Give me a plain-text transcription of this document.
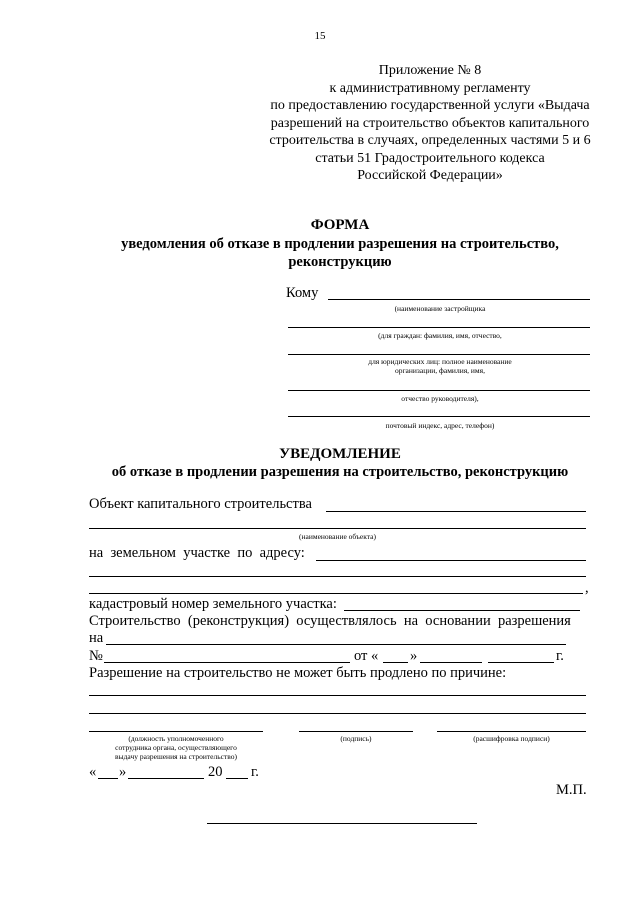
15
Приложение № 8
к административному регламенту
по предоставлению государственной услуги «Выдача
разрешений на строительство объектов капитального
строительства в случаях, определенных частями 5 и 6
статьи 51 Градостроительного кодекса
Российской Федерации»
ФОРМА
уведомления об отказе в продлении разрешения на строительство,
реконструкцию
Кому
(наименование застройщика
(для граждан: фамилия, имя, отчество,
для юридических лиц: полное наименование
организации, фамилия, имя,
отчество руководителя),
почтовый индекс, адрес, телефон)
УВЕДОМЛЕНИЕ
об отказе в продлении разрешения на строительство, реконструкцию
Объект капитального строительства
(наименование объекта)
на  земельном  участке  по  адресу:
,
кадастровый номер земельного участка:
Строительство  (реконструкция)  осуществлялось  на  основании  разрешения
на
№	от « »	г.
Разрешение на строительство не может быть продлено по причине:
(должность уполномоченного
сотрудника органа, осуществляющего
выдачу разрешения на строительство)
(подпись)	(расшифровка подписи)
« »	20 г.
М.П.
